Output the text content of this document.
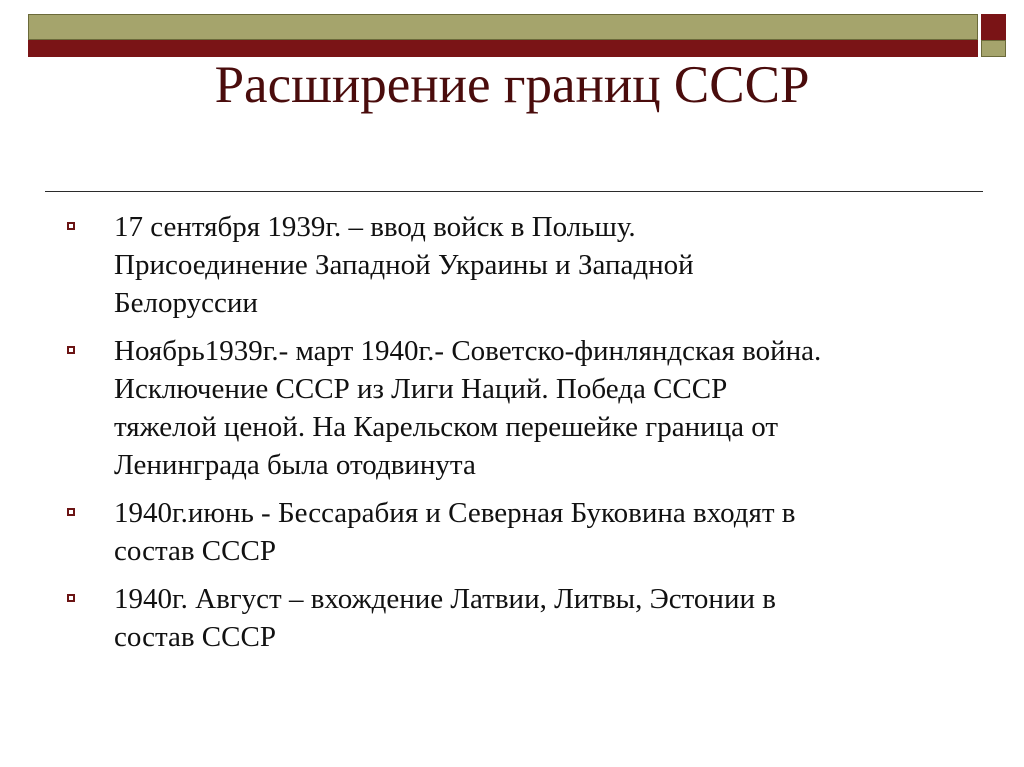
Расширение границ СССР
17 сентября 1939г. – ввод войск в Польшу.
Присоединение Западной Украины и Западной
Белоруссии
Ноябрь1939г.- март 1940г.- Советско-финляндская война.
Исключение СССР из Лиги Наций. Победа СССР
тяжелой ценой. На Карельском перешейке граница от
Ленинграда была отодвинута
1940г.июнь - Бессарабия и Северная Буковина входят в
состав СССР
1940г. Август – вхождение Латвии, Литвы, Эстонии в
состав СССР
